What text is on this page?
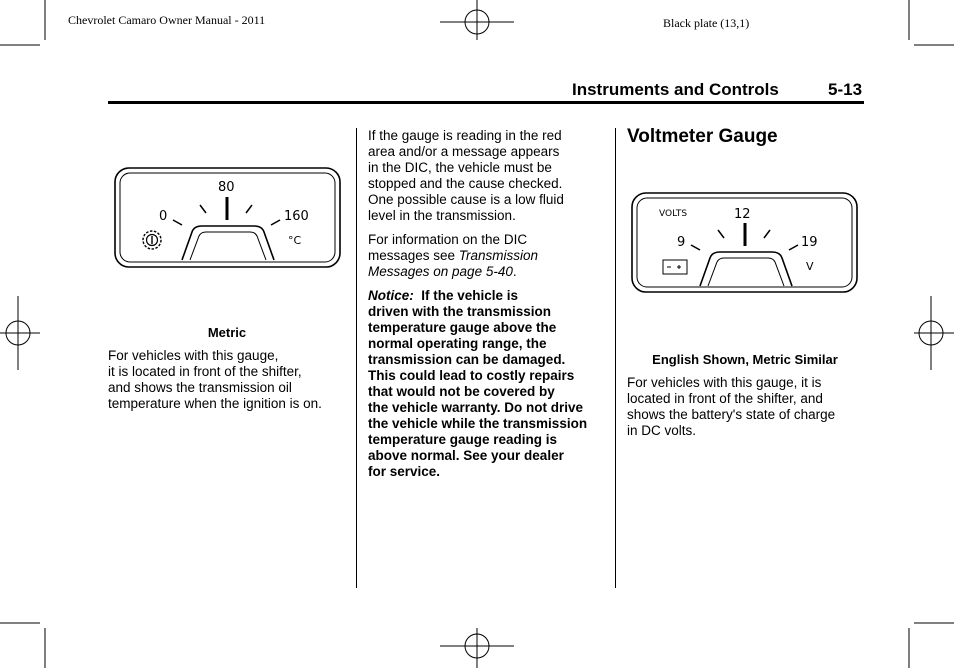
Chevrolet Camaro Owner Manual - 2011	Black plate (13,1)
Instruments and Controls	5-13
0
80
160
°C
Metric
For vehicles with this gauge,
it is located in front of the shifter,
and shows the transmission oil
temperature when the ignition is on.

If the gauge is reading in the red
area and/or a message appears
in the DIC, the vehicle must be
stopped and the cause checked.
One possible cause is a low fluid
level in the transmission.

For information on the DIC
messages see Transmission
Messages on page 5-40.

Notice: If the vehicle is
driven with the transmission
temperature gauge above the
normal operating range, the
transmission can be damaged.
This could lead to costly repairs
that would not be covered by
the vehicle warranty. Do not drive
the vehicle while the transmission
temperature gauge reading is
above normal. See your dealer
for service.

Voltmeter Gauge
VOLTS
9
12
19
V
English Shown, Metric Similar
For vehicles with this gauge, it is
located in front of the shifter, and
shows the battery's state of charge
in DC volts.
